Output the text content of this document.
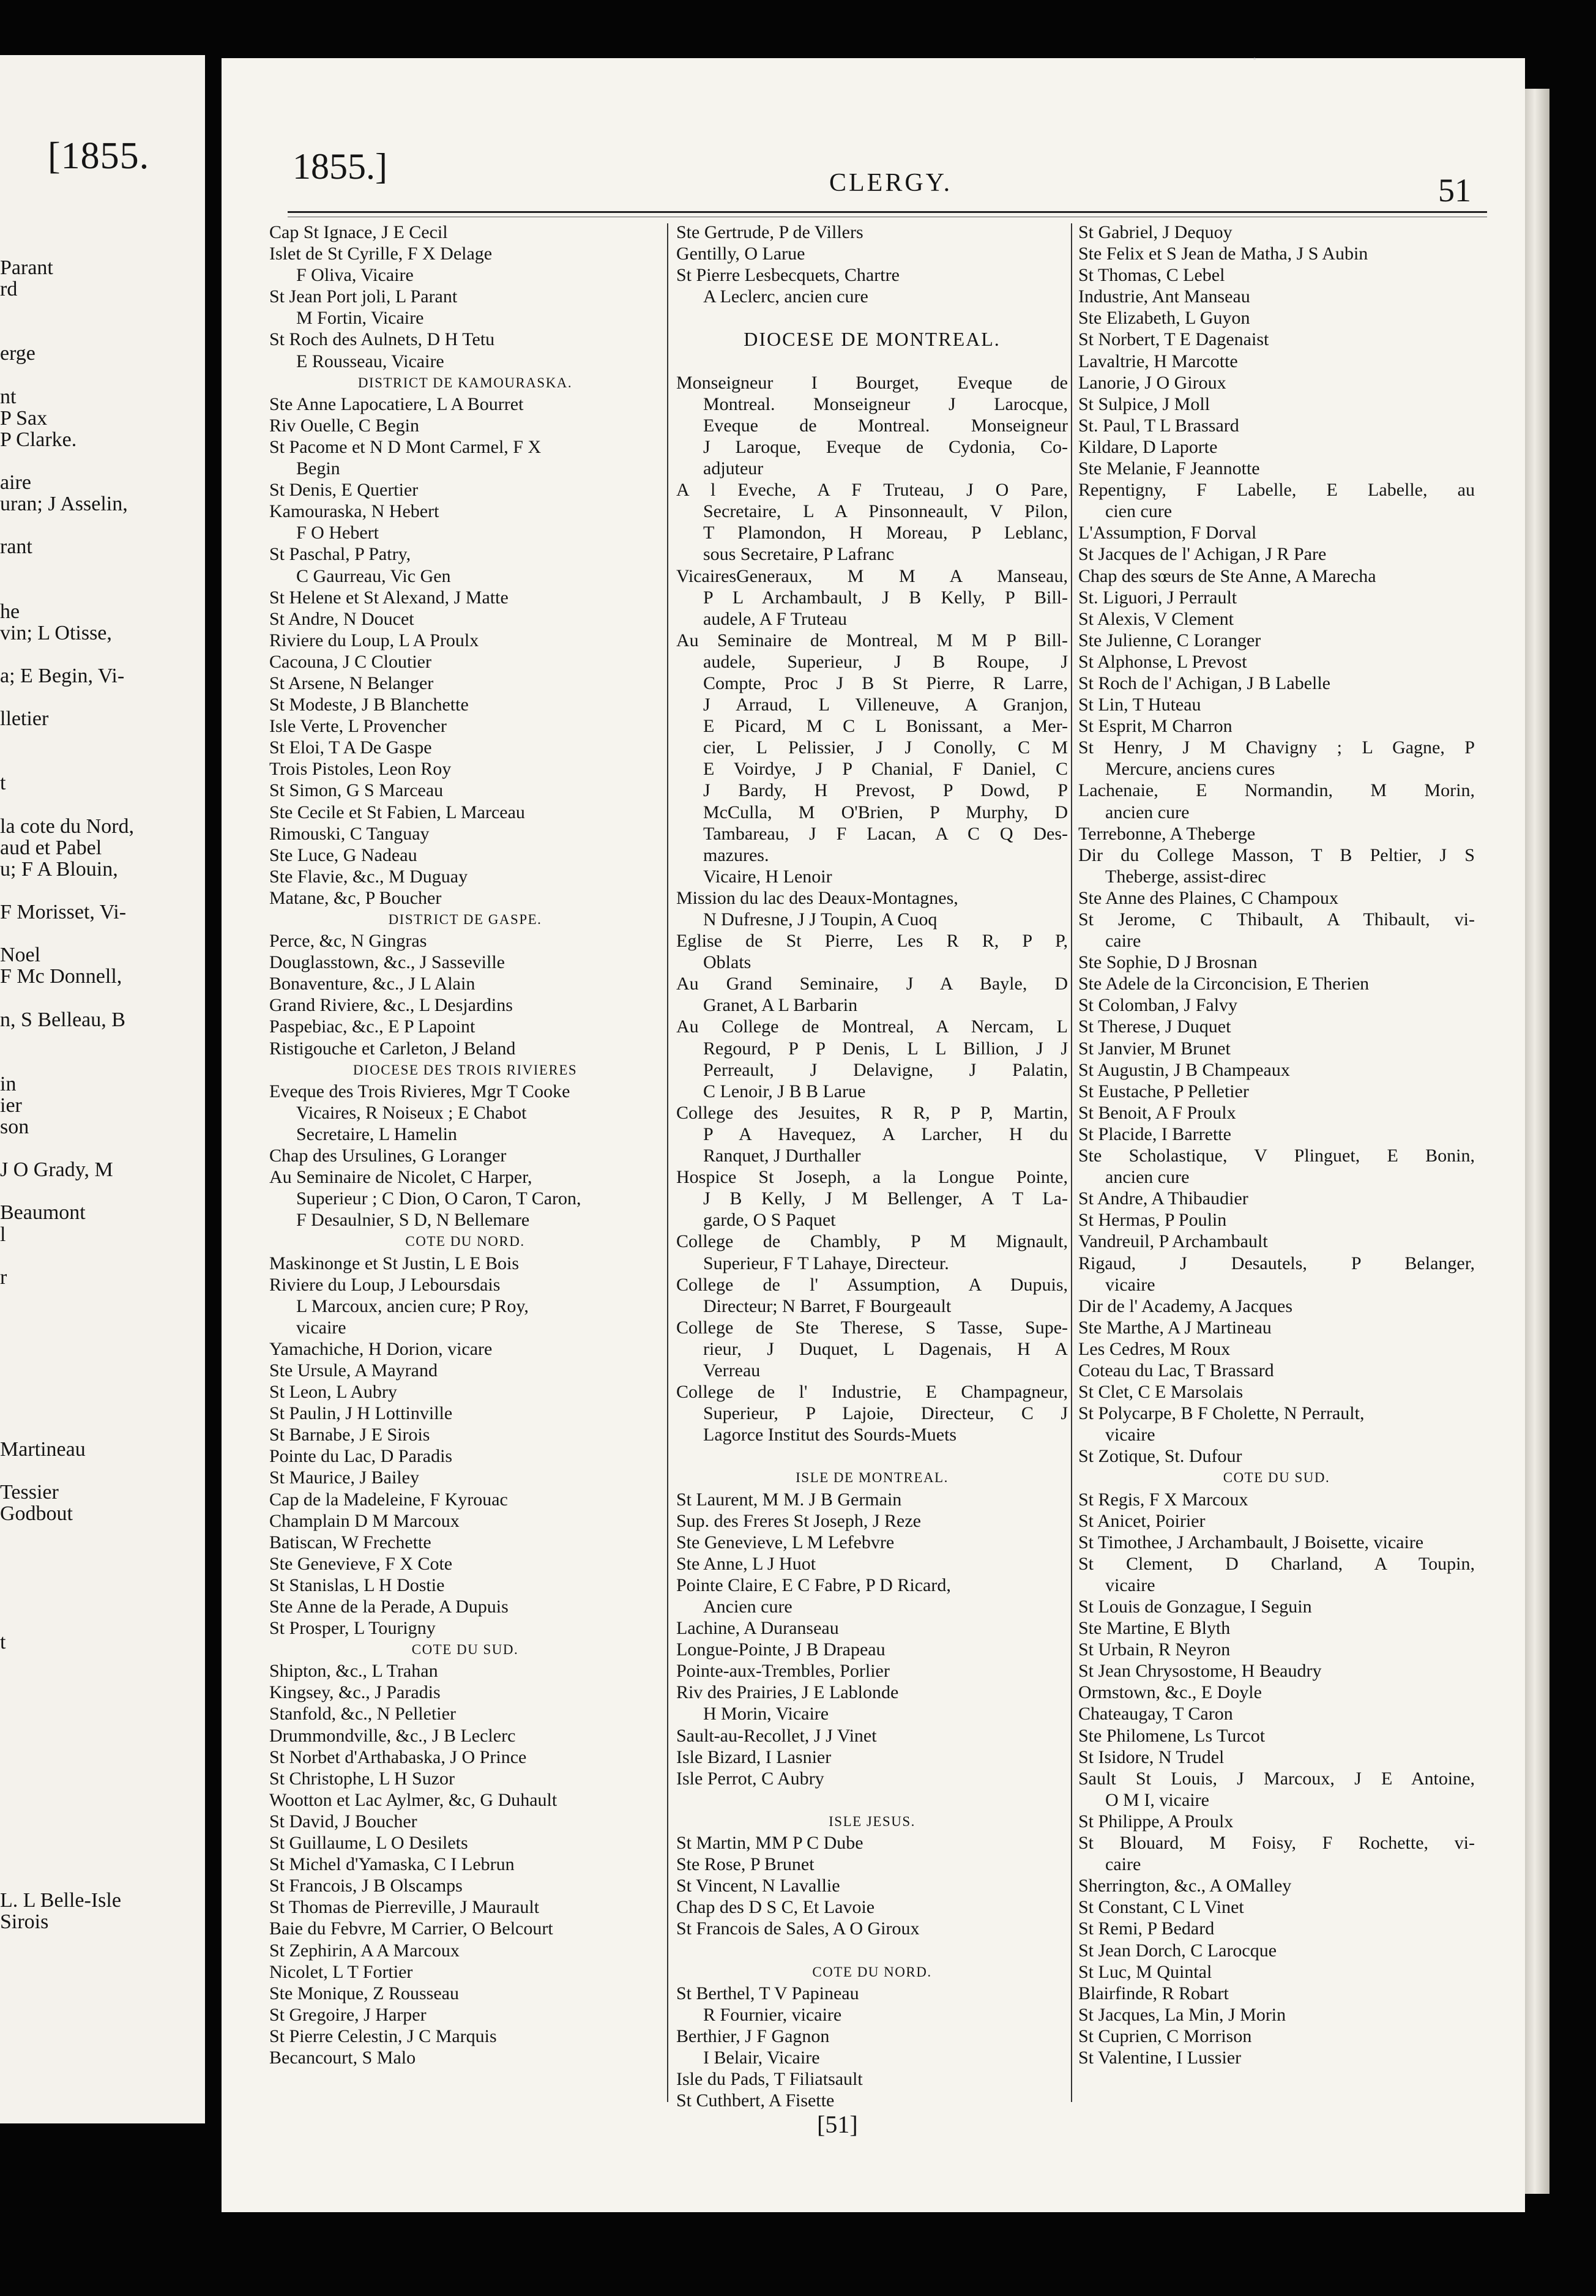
[1855.
Parant
rd
erge
nt
P Sax
P Clarke.
aire
uran; J Asselin,
rant
he
vin; L Otisse,
a; E Begin, Vi-
lletier
t
la cote du Nord,
aud et Pabel
u; F A Blouin,
F Morisset, Vi-
Noel
F Mc Donnell,
n, S Belleau, B
in
ier
son
J O Grady, M
Beaumont
l
r
Martineau
Tessier
Godbout
t
L. L Belle-Isle
Sirois
·
1855.]	CLERGY.	51
Cap St Ignace, J E Cecil
Islet de St Cyrille, F X Delage
F Oliva, Vicaire
St Jean Port joli, L Parant
M Fortin, Vicaire
St Roch des Aulnets, D H Tetu
E Rousseau, Vicaire
DISTRICT DE KAMOURASKA.
Ste Anne Lapocatiere, L A Bourret
Riv Ouelle, C Begin
St Pacome et N D Mont Carmel, F X
Begin
St Denis, E Quertier
Kamouraska, N Hebert
F O Hebert
St Paschal, P Patry,
C Gaurreau, Vic Gen
St Helene et St Alexand, J Matte
St Andre, N Doucet
Riviere du Loup, L A Proulx
Cacouna, J C Cloutier
St Arsene, N Belanger
St Modeste, J B Blanchette
Isle Verte, L Provencher
St Eloi, T A De Gaspe
Trois Pistoles, Leon Roy
St Simon, G S Marceau
Ste Cecile et St Fabien, L Marceau
Rimouski, C Tanguay
Ste Luce, G Nadeau
Ste Flavie, &c., M Duguay
Matane, &c, P Boucher
DISTRICT DE GASPE.
Perce, &c, N Gingras
Douglasstown, &c., J Sasseville
Bonaventure, &c., J L Alain
Grand Riviere, &c., L Desjardins
Paspebiac, &c., E P Lapoint
Ristigouche et Carleton, J Beland
DIOCESE DES TROIS RIVIERES
Eveque des Trois Rivieres, Mgr T Cooke
Vicaires, R Noiseux ; E Chabot
Secretaire, L Hamelin
Chap des Ursulines, G Loranger
Au Seminaire de Nicolet, C Harper,
Superieur ; C Dion, O Caron, T Caron,
F Desaulnier, S D, N Bellemare
COTE DU NORD.
Maskinonge et St Justin, L E Bois
Riviere du Loup, J Leboursdais
L Marcoux, ancien cure; P Roy,
vicaire
Yamachiche, H Dorion, vicare
Ste Ursule, A Mayrand
St Leon, L Aubry
St Paulin, J H Lottinville
St Barnabe, J E Sirois
Pointe du Lac, D Paradis
St Maurice, J Bailey
Cap de la Madeleine, F Kyrouac
Champlain D M Marcoux
Batiscan, W Frechette
Ste Genevieve, F X Cote
St Stanislas, L H Dostie
Ste Anne de la Perade, A Dupuis
St Prosper, L Tourigny
COTE DU SUD.
Shipton, &c., L Trahan
Kingsey, &c., J Paradis
Stanfold, &c., N Pelletier
Drummondville, &c., J B Leclerc
St Norbet d'Arthabaska, J O Prince
St Christophe, L H Suzor
Wootton et Lac Aylmer, &c, G Duhault
St David, J Boucher
St Guillaume, L O Desilets
St Michel d'Yamaska, C I Lebrun
St Francois, J B Olscamps
St Thomas de Pierreville, J Maurault
Baie du Febvre, M Carrier, O Belcourt
St Zephirin, A A Marcoux
Nicolet, L T Fortier
Ste Monique, Z Rousseau
St Gregoire, J Harper
St Pierre Celestin, J C Marquis
Becancourt, S Malo
Ste Gertrude, P de Villers
Gentilly, O Larue
St Pierre Lesbecquets, Chartre
A Leclerc, ancien cure
DIOCESE DE MONTREAL.
Monseigneur I Bourget, Eveque de
Montreal. Monseigneur J Larocque,
Eveque de Montreal. Monseigneur
J Laroque, Eveque de Cydonia, Co-
adjuteur
A l Eveche, A F Truteau, J O Pare,
Secretaire, L A Pinsonneault, V Pilon,
T Plamondon, H Moreau, P Leblanc,
sous Secretaire, P Lafranc
VicairesGeneraux, M M A Manseau,
P L Archambault, J B Kelly, P Bill-
audele, A F Truteau
Au Seminaire de Montreal, M M P Bill-
audele, Superieur, J B Roupe, J
Compte, Proc J B St Pierre, R Larre,
J Arraud, L Villeneuve, A Granjon,
E Picard, M C L Bonissant, a Mer-
cier, L Pelissier, J J Conolly, C M
E Voirdye, J P Chanial, F Daniel, C
J Bardy, H Prevost, P Dowd, P
McCulla, M O'Brien, P Murphy, D
Tambareau, J F Lacan, A C Q Des-
mazures.
Vicaire, H Lenoir
Mission du lac des Deaux-Montagnes,
N Dufresne, J J Toupin, A Cuoq
Eglise de St Pierre, Les R R, P P,
Oblats
Au Grand Seminaire, J A Bayle, D
Granet, A L Barbarin
Au College de Montreal, A Nercam, L
Regourd, P P Denis, L L Billion, J J
Perreault, J Delavigne, J Palatin,
C Lenoir, J B B Larue
College des Jesuites, R R, P P, Martin,
P A Havequez, A Larcher, H du
Ranquet, J Durthaller
Hospice St Joseph, a la Longue Pointe,
J B Kelly, J M Bellenger, A T La-
garde, O S Paquet
College de Chambly, P M Mignault,
Superieur, F T Lahaye, Directeur.
College de l' Assumption, A Dupuis,
Directeur; N Barret, F Bourgeault
College de Ste Therese, S Tasse, Supe-
rieur, J Duquet, L Dagenais, H A
Verreau
College de l' Industrie, E Champagneur,
Superieur, P Lajoie, Directeur, C J
Lagorce Institut des Sourds-Muets
ISLE DE MONTREAL.
St Laurent, M M. J B Germain
Sup. des Freres St Joseph, J Reze
Ste Genevieve, L M Lefebvre
Ste Anne, L J Huot
Pointe Claire, E C Fabre, P D Ricard,
Ancien cure
Lachine, A Duranseau
Longue-Pointe, J B Drapeau
Pointe-aux-Trembles, Porlier
Riv des Prairies, J E Lablonde
H Morin, Vicaire
Sault-au-Recollet, J J Vinet
Isle Bizard, I Lasnier
Isle Perrot, C Aubry
ISLE JESUS.
St Martin, MM P C Dube
Ste Rose, P Brunet
St Vincent, N Lavallie
Chap des D S C, Et Lavoie
St Francois de Sales, A O Giroux
COTE DU NORD.
St Berthel, T V Papineau
R Fournier, vicaire
Berthier, J F Gagnon
I Belair, Vicaire
Isle du Pads, T Filiatsault
St Cuthbert, A Fisette
St Gabriel, J Dequoy
Ste Felix et S Jean de Matha, J S Aubin
St Thomas, C Lebel
Industrie, Ant Manseau
Ste Elizabeth, L Guyon
St Norbert, T E Dagenaist
Lavaltrie, H Marcotte
Lanorie, J O Giroux
St Sulpice, J Moll
St. Paul, T L Brassard
Kildare, D Laporte
Ste Melanie, F Jeannotte
Repentigny, F Labelle, E Labelle, au
cien cure
L'Assumption, F Dorval
St Jacques de l' Achigan, J R Pare
Chap des sœurs de Ste Anne, A Marecha
St. Liguori, J Perrault
St Alexis, V Clement
Ste Julienne, C Loranger
St Alphonse, L Prevost
St Roch de l' Achigan, J B Labelle
St Lin, T Huteau
St Esprit, M Charron
St Henry, J M Chavigny ; L Gagne, P
Mercure, anciens cures
Lachenaie, E Normandin, M Morin,
ancien cure
Terrebonne, A Theberge
Dir du College Masson, T B Peltier, J S
Theberge, assist-direc
Ste Anne des Plaines, C Champoux
St Jerome, C Thibault, A Thibault, vi-
caire
Ste Sophie, D J Brosnan
Ste Adele de la Circoncision, E Therien
St Colomban, J Falvy
St Therese, J Duquet
St Janvier, M Brunet
St Augustin, J B Champeaux
St Eustache, P Pelletier
St Benoit, A F Proulx
St Placide, I Barrette
Ste Scholastique, V Plinguet, E Bonin,
ancien cure
St Andre, A Thibaudier
St Hermas, P Poulin
Vandreuil, P Archambault
Rigaud, J Desautels, P Belanger,
vicaire
Dir de l' Academy, A Jacques
Ste Marthe, A J Martineau
Les Cedres, M Roux
Coteau du Lac, T Brassard
St Clet, C E Marsolais
St Polycarpe, B F Cholette, N Perrault,
vicaire
St Zotique, St. Dufour
COTE DU SUD.
St Regis, F X Marcoux
St Anicet, Poirier
St Timothee, J Archambault, J Boisette, vicaire
St Clement, D Charland, A Toupin,
vicaire
St Louis de Gonzague, I Seguin
Ste Martine, E Blyth
St Urbain, R Neyron
St Jean Chrysostome, H Beaudry
Ormstown, &c., E Doyle
Chateaugay, T Caron
Ste Philomene, Ls Turcot
St Isidore, N Trudel
Sault St Louis, J Marcoux, J E Antoine,
O M I, vicaire
St Philippe, A Proulx
St Blouard, M Foisy, F Rochette, vi-
caire
Sherrington, &c., A OMalley
St Constant, C L Vinet
St Remi, P Bedard
St Jean Dorch, C Larocque
St Luc, M Quintal
Blairfinde, R Robart
St Jacques, La Min, J Morin
St Cuprien, C Morrison
St Valentine, I Lussier
[51]
